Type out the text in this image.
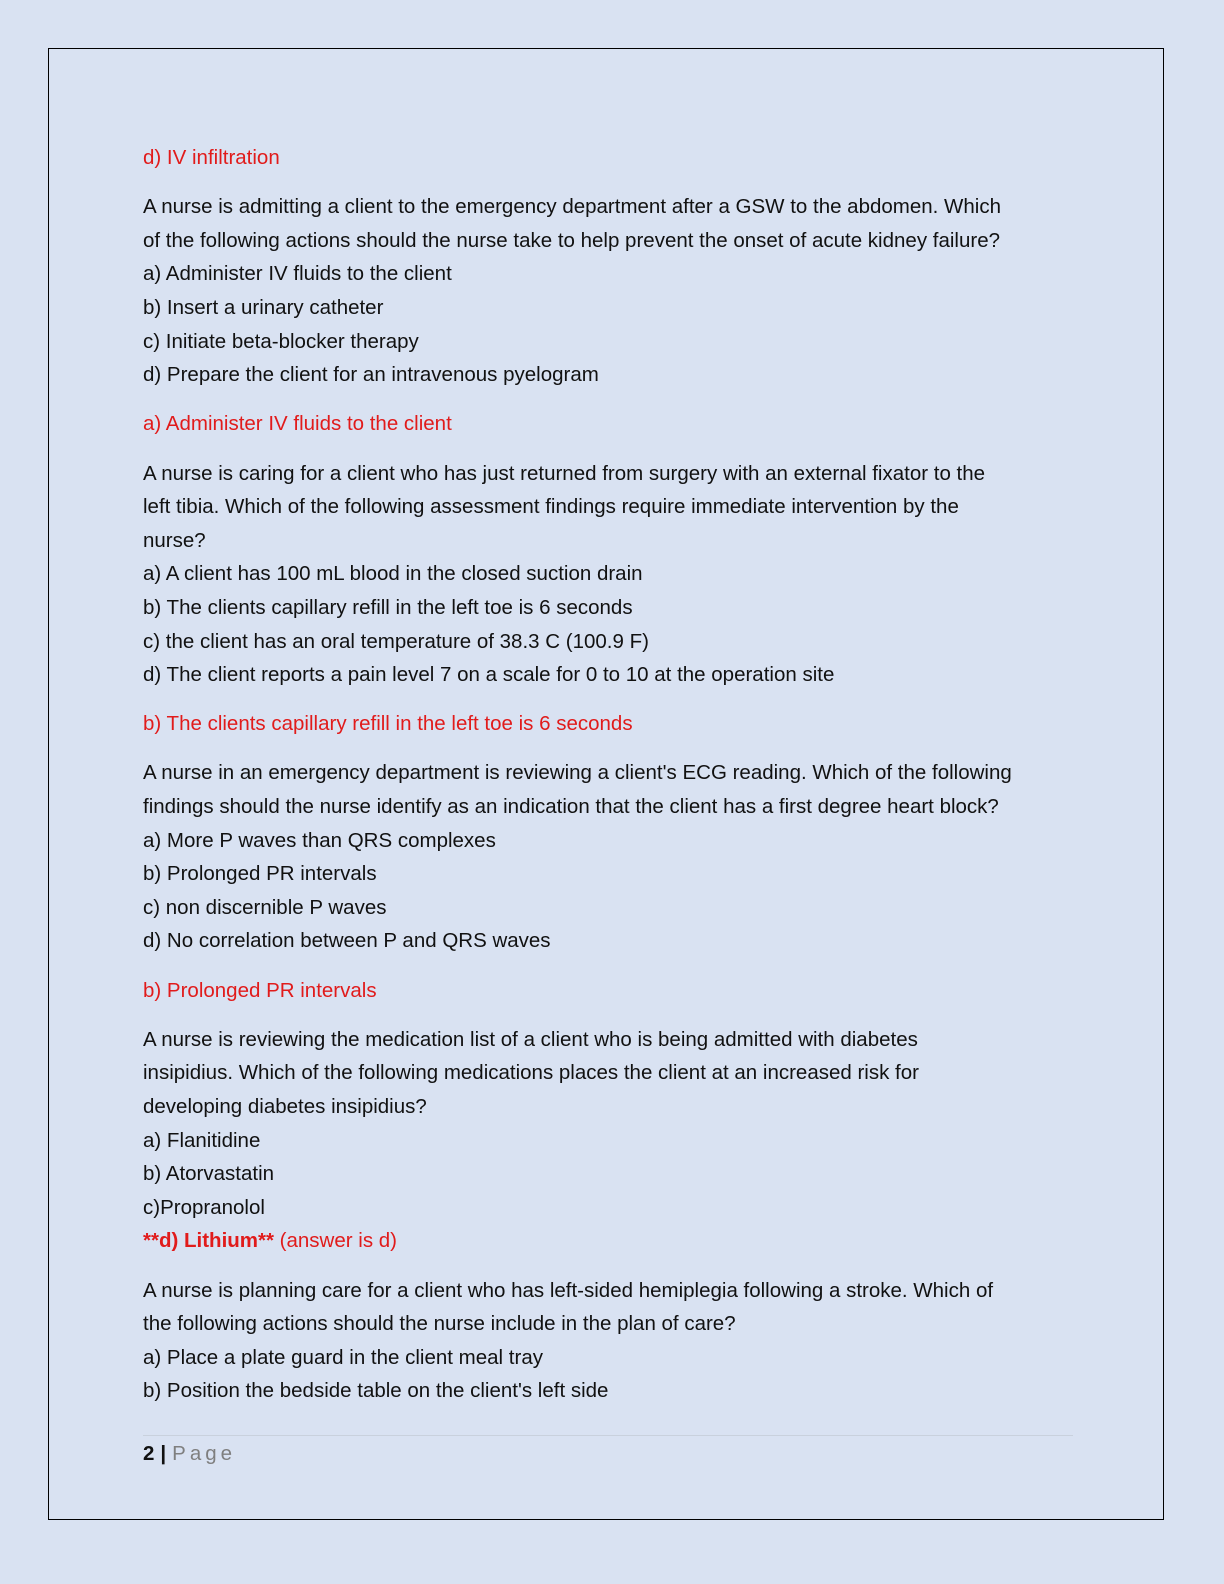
d) IV infiltration

A nurse is admitting a client to the emergency department after a GSW to the abdomen. Which

of the following actions should the nurse take to help prevent the onset of acute kidney failure?

a) Administer IV fluids to the client

b) Insert a urinary catheter

c) Initiate beta-blocker therapy

d) Prepare the client for an intravenous pyelogram

a) Administer IV fluids to the client

A nurse is caring for a client who has just returned from surgery with an external fixator to the

left tibia. Which of the following assessment findings require immediate intervention by the

nurse?

a) A client has 100 mL blood in the closed suction drain

b) The clients capillary refill in the left toe is 6 seconds

c) the client has an oral temperature of 38.3 C (100.9 F)

d) The client reports a pain level 7 on a scale for 0 to 10 at the operation site

b) The clients capillary refill in the left toe is 6 seconds

A nurse in an emergency department is reviewing a client's ECG reading. Which of the following

findings should the nurse identify as an indication that the client has a first degree heart block?

a) More P waves than QRS complexes

b) Prolonged PR intervals

c) non discernible P waves

d) No correlation between P and QRS waves

b) Prolonged PR intervals

A nurse is reviewing the medication list of a client who is being admitted with diabetes

insipidius. Which of the following medications places the client at an increased risk for

developing diabetes insipidius?

a) Flanitidine

b) Atorvastatin

c)Propranolol

**d) Lithium** (answer is d)

A nurse is planning care for a client who has left-sided hemiplegia following a stroke. Which of

the following actions should the nurse include in the plan of care?

a) Place a plate guard in the client meal tray

b) Position the bedside table on the client's left side

2 | Page
